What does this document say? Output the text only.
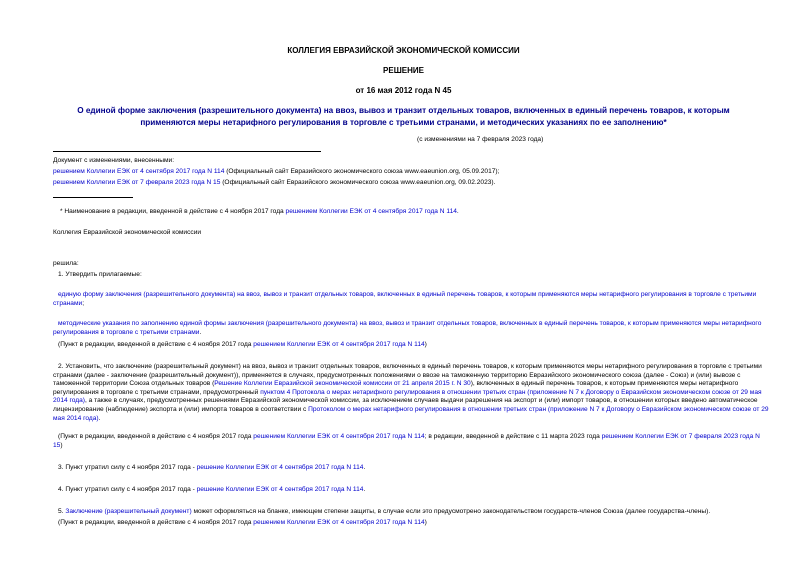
КОЛЛЕГИЯ ЕВРАЗИЙСКОЙ ЭКОНОМИЧЕСКОЙ КОМИССИИ
РЕШЕНИЕ
от 16 мая 2012 года N 45
О единой форме заключения (разрешительного документа) на ввоз, вывоз и транзит отдельных товаров, включенных в единый перечень товаров, к которым
применяются меры нетарифного регулирования в торговле с третьими странами, и методических указаниях по ее заполнению*
(с изменениями на 7 февраля 2023 года)
Документ с изменениями, внесенными:
решением Коллегии ЕЭК от 4 сентября 2017 года N 114 (Официальный сайт Евразийского экономического союза www.eaeunion.org, 05.09.2017);
решением Коллегии ЕЭК от 7 февраля 2023 года N 15 (Официальный сайт Евразийского экономического союза www.eaeunion.org, 09.02.2023).
* Наименование в редакции, введенной в действие с 4 ноября 2017 года решением Коллегии ЕЭК от 4 сентября 2017 года N 114.
Коллегия Евразийской экономической комиссии
решила:
1. Утвердить прилагаемые:
единую форму заключения (разрешительного документа) на ввоз, вывоз и транзит отдельных товаров, включенных в единый перечень товаров, к которым применяются меры нетарифного регулирования в торговле с третьими странами;
методические указания по заполнению единой формы заключения (разрешительного документа) на ввоз, вывоз и транзит отдельных товаров, включенных в единый перечень товаров, к которым применяются меры нетарифного регулирования в торговле с третьими странами.
(Пункт в редакции, введенной в действие с 4 ноября 2017 года решением Коллегии ЕЭК от 4 сентября 2017 года N 114)
2. Установить, что заключение (разрешительный документ) на ввоз, вывоз и транзит отдельных товаров, включенных в единый перечень товаров, к которым применяются меры нетарифного регулирования в торговле с третьими странами (далее - заключение (разрешительный документ)), применяется в случаях, предусмотренных положениями о ввозе на таможенную территорию Евразийского экономического союза (далее - Союз) и (или) вывозе с таможенной территории Союза отдельных товаров (Решение Коллегии Евразийской экономической комиссии от 21 апреля 2015 г. N 30), включенных в единый перечень товаров, к которым применяются меры нетарифного регулирования в торговле с третьими странами, предусмотренный пунктом 4 Протокола о мерах нетарифного регулирования в отношении третьих стран (приложение N 7 к Договору о Евразийском экономическом союзе от 29 мая 2014 года), а также в случаях, предусмотренных решениями Евразийской экономической комиссии, за исключением случаев выдачи разрешения на экспорт и (или) импорт товаров, в отношении которых введено автоматическое лицензирование (наблюдение) экспорта и (или) импорта товаров в соответствии с Протоколом о мерах нетарифного регулирования в отношении третьих стран (приложение N 7 к Договору о Евразийском экономическом союзе от 29 мая 2014 года).
(Пункт в редакции, введенной в действие с 4 ноября 2017 года решением Коллегии ЕЭК от 4 сентября 2017 года N 114; в редакции, введенной в действие с 11 марта 2023 года решением Коллегии ЕЭК от 7 февраля 2023 года N 15)
3. Пункт утратил силу с 4 ноября 2017 года - решение Коллегии ЕЭК от 4 сентября 2017 года N 114.
4. Пункт утратил силу с 4 ноября 2017 года - решение Коллегии ЕЭК от 4 сентября 2017 года N 114.
5. Заключение (разрешительный документ) может оформляться на бланке, имеющем степени защиты, в случае если это предусмотрено законодательством государств-членов Союза (далее государства-члены).
(Пункт в редакции, введенной в действие с 4 ноября 2017 года решением Коллегии ЕЭК от 4 сентября 2017 года N 114)
